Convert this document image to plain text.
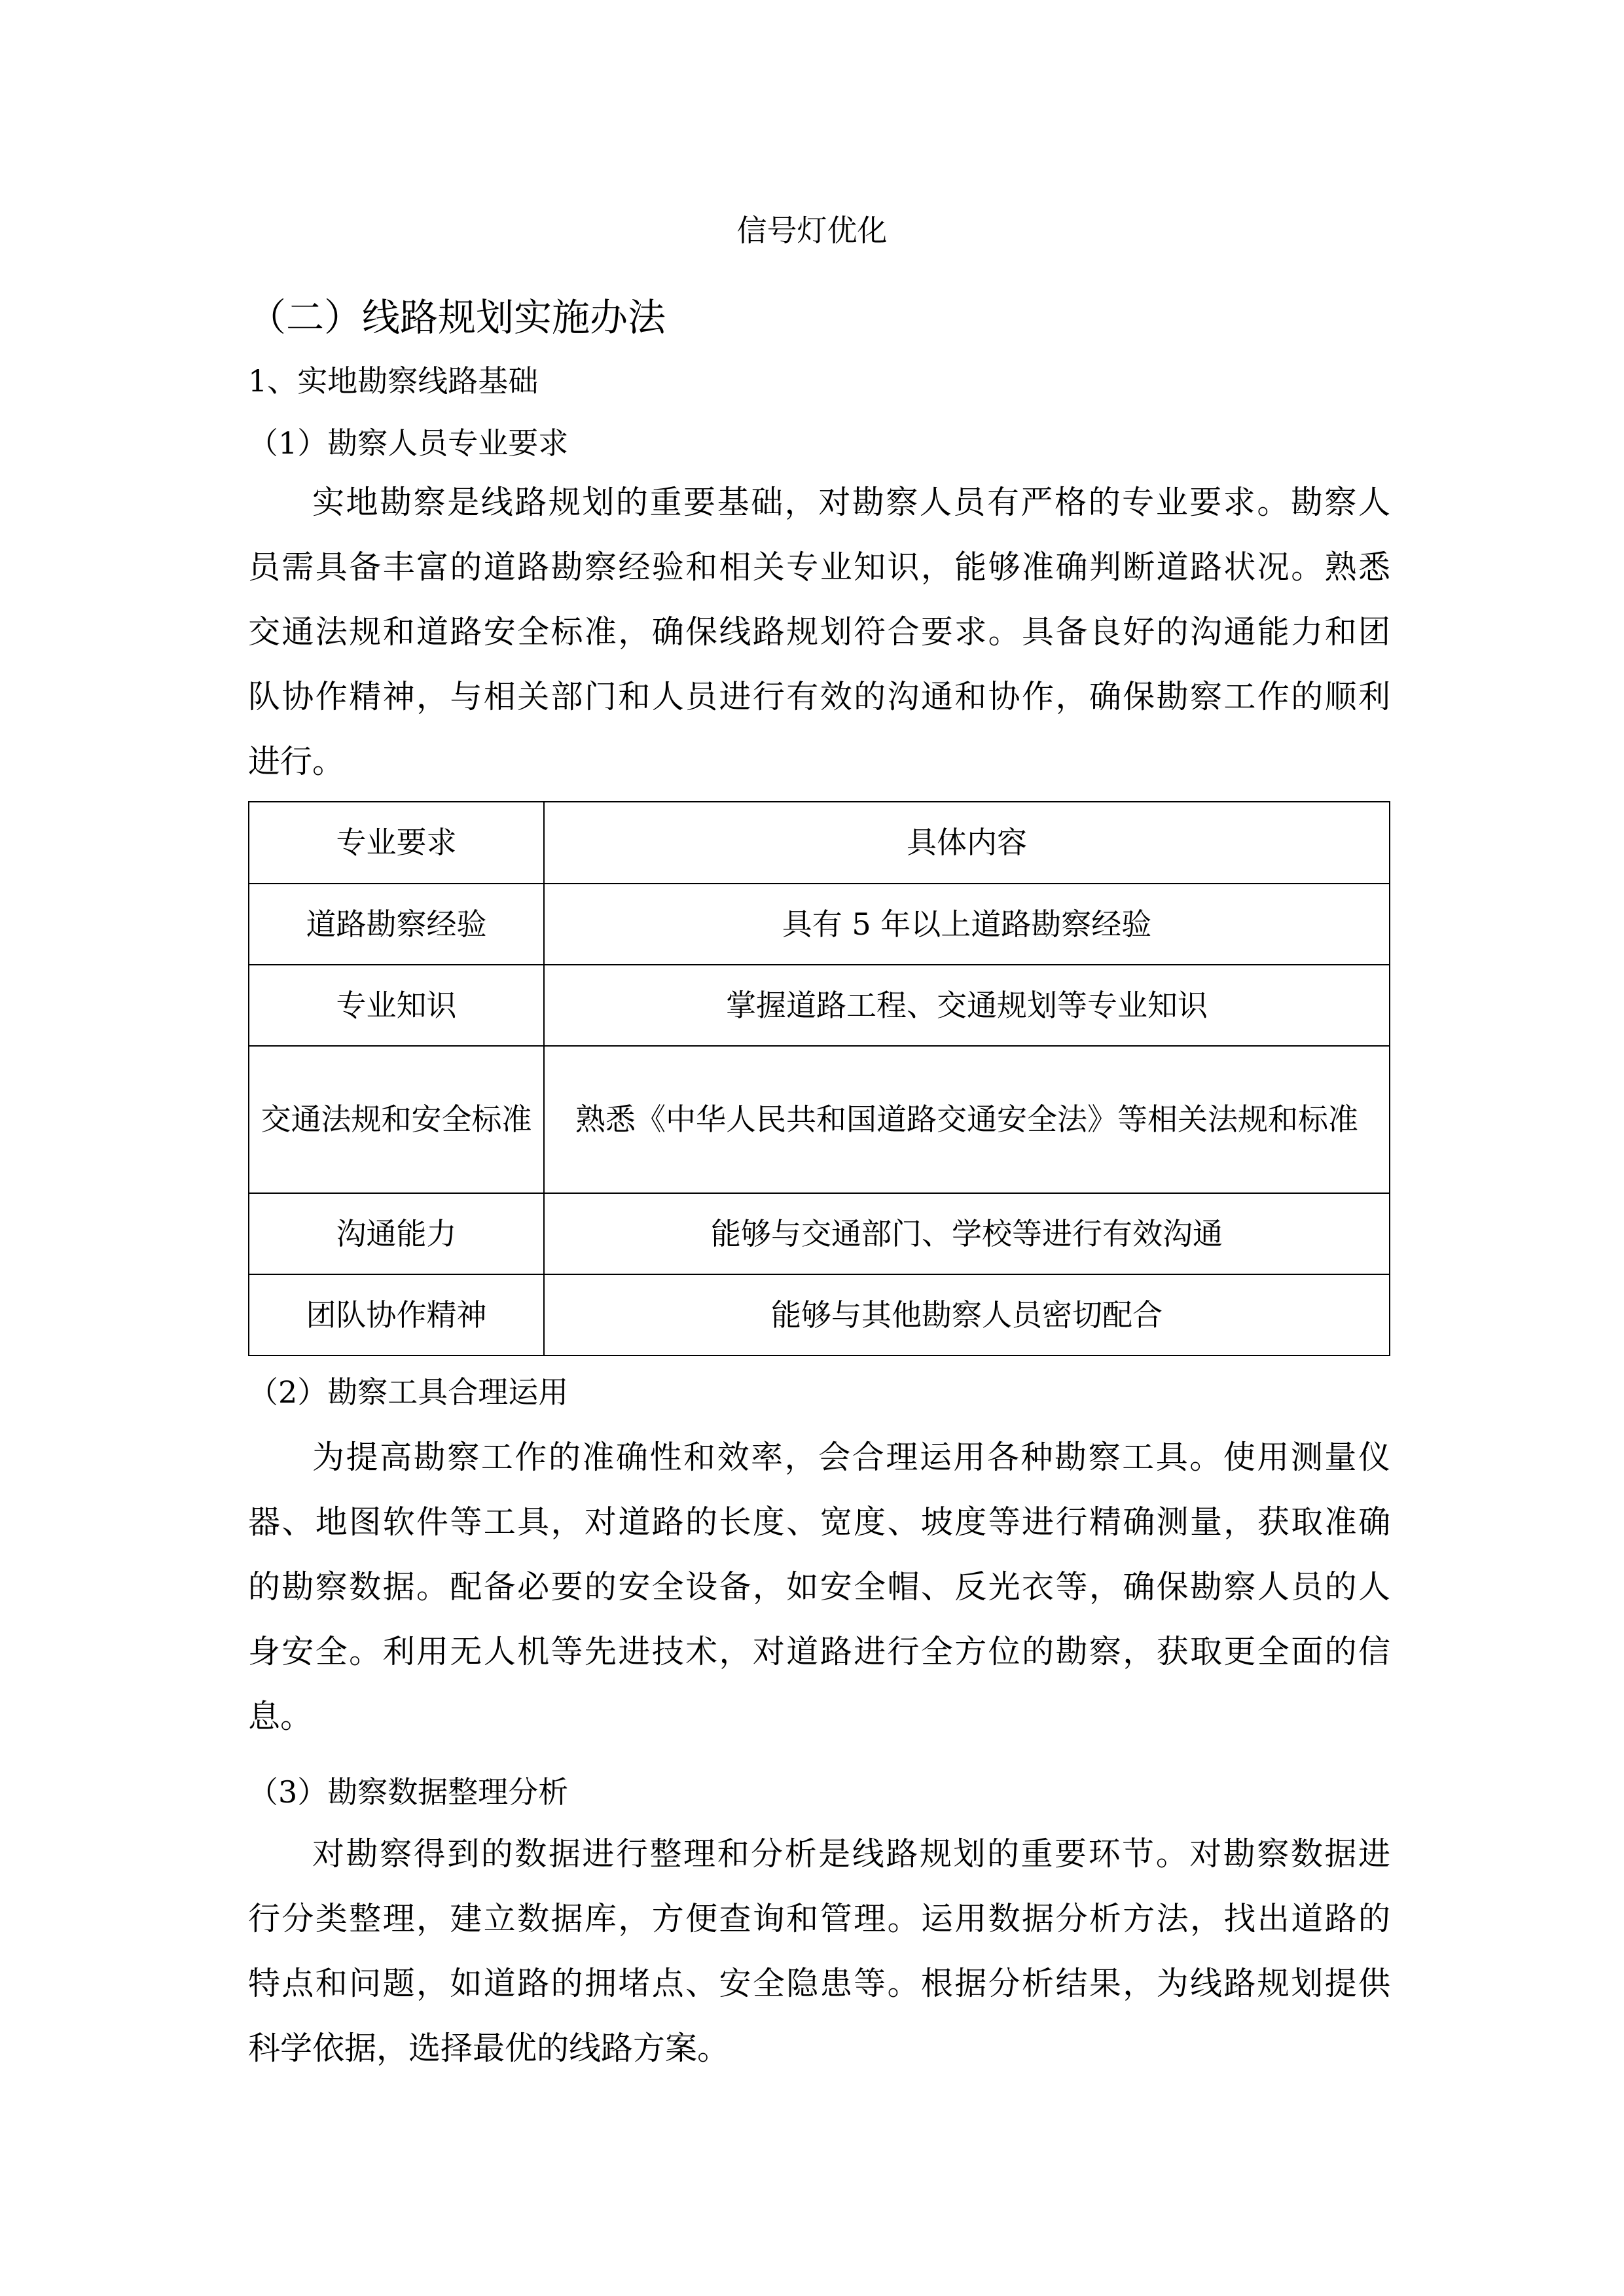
信号灯优化
（二）线路规划实施办法
1、实地勘察线路基础
（1）勘察人员专业要求
实地勘察是线路规划的重要基础，对勘察人员有严格的专业要求。勘察人
员需具备丰富的道路勘察经验和相关专业知识，能够准确判断道路状况。熟悉
交通法规和道路安全标准，确保线路规划符合要求。具备良好的沟通能力和团
队协作精神，与相关部门和人员进行有效的沟通和协作，确保勘察工作的顺利
进行。
专业要求	具体内容
道路勘察经验	具有 5 年以上道路勘察经验
专业知识	掌握道路工程、交通规划等专业知识
交通法规和安全标准	熟悉《中华人民共和国道路交通安全法》等相关法规和标准
沟通能力	能够与交通部门、学校等进行有效沟通
团队协作精神	能够与其他勘察人员密切配合
（2）勘察工具合理运用
为提高勘察工作的准确性和效率，会合理运用各种勘察工具。使用测量仪
器、地图软件等工具，对道路的长度、宽度、坡度等进行精确测量，获取准确
的勘察数据。配备必要的安全设备，如安全帽、反光衣等，确保勘察人员的人
身安全。利用无人机等先进技术，对道路进行全方位的勘察，获取更全面的信
息。
（3）勘察数据整理分析
对勘察得到的数据进行整理和分析是线路规划的重要环节。对勘察数据进
行分类整理，建立数据库，方便查询和管理。运用数据分析方法，找出道路的
特点和问题，如道路的拥堵点、安全隐患等。根据分析结果，为线路规划提供
科学依据，选择最优的线路方案。
